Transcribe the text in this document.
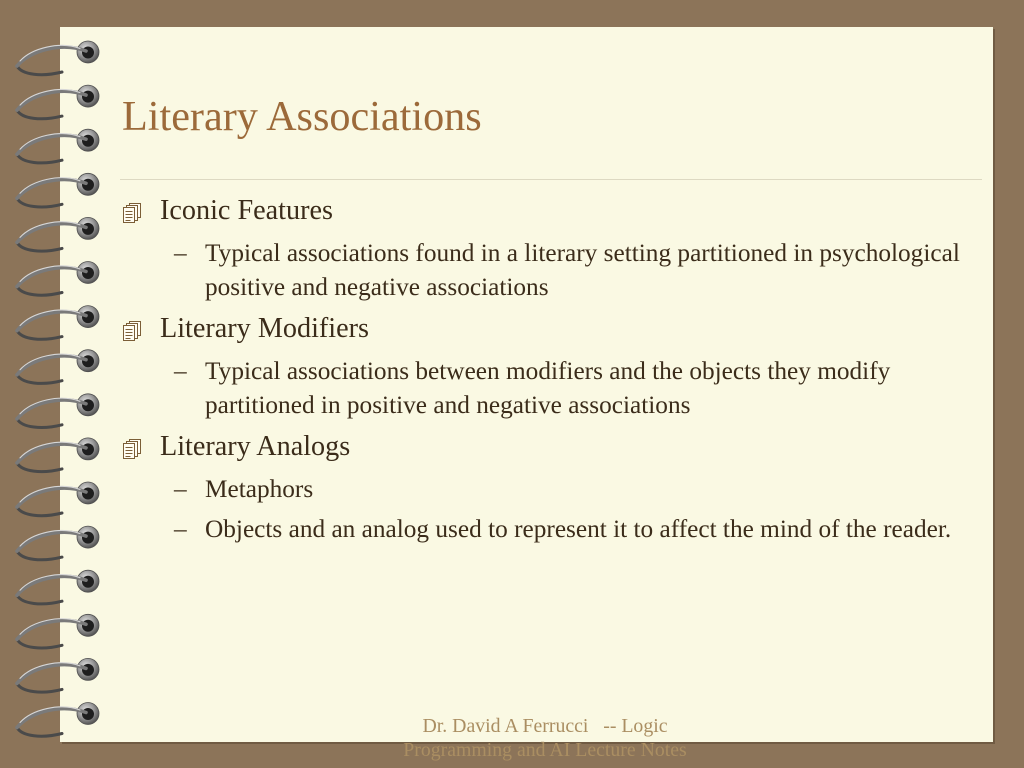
Literary Associations
Iconic Features
– Typical associations found in a literary setting partitioned in psychological positive and negative associations
Literary Modifiers
– Typical associations between modifiers and the objects they modify partitioned in positive and negative associations
Literary Analogs
– Metaphors
– Objects and an analog used to represent it to affect the mind of the reader.
Dr. David A Ferrucci   -- Logic
Programming and AI Lecture Notes
